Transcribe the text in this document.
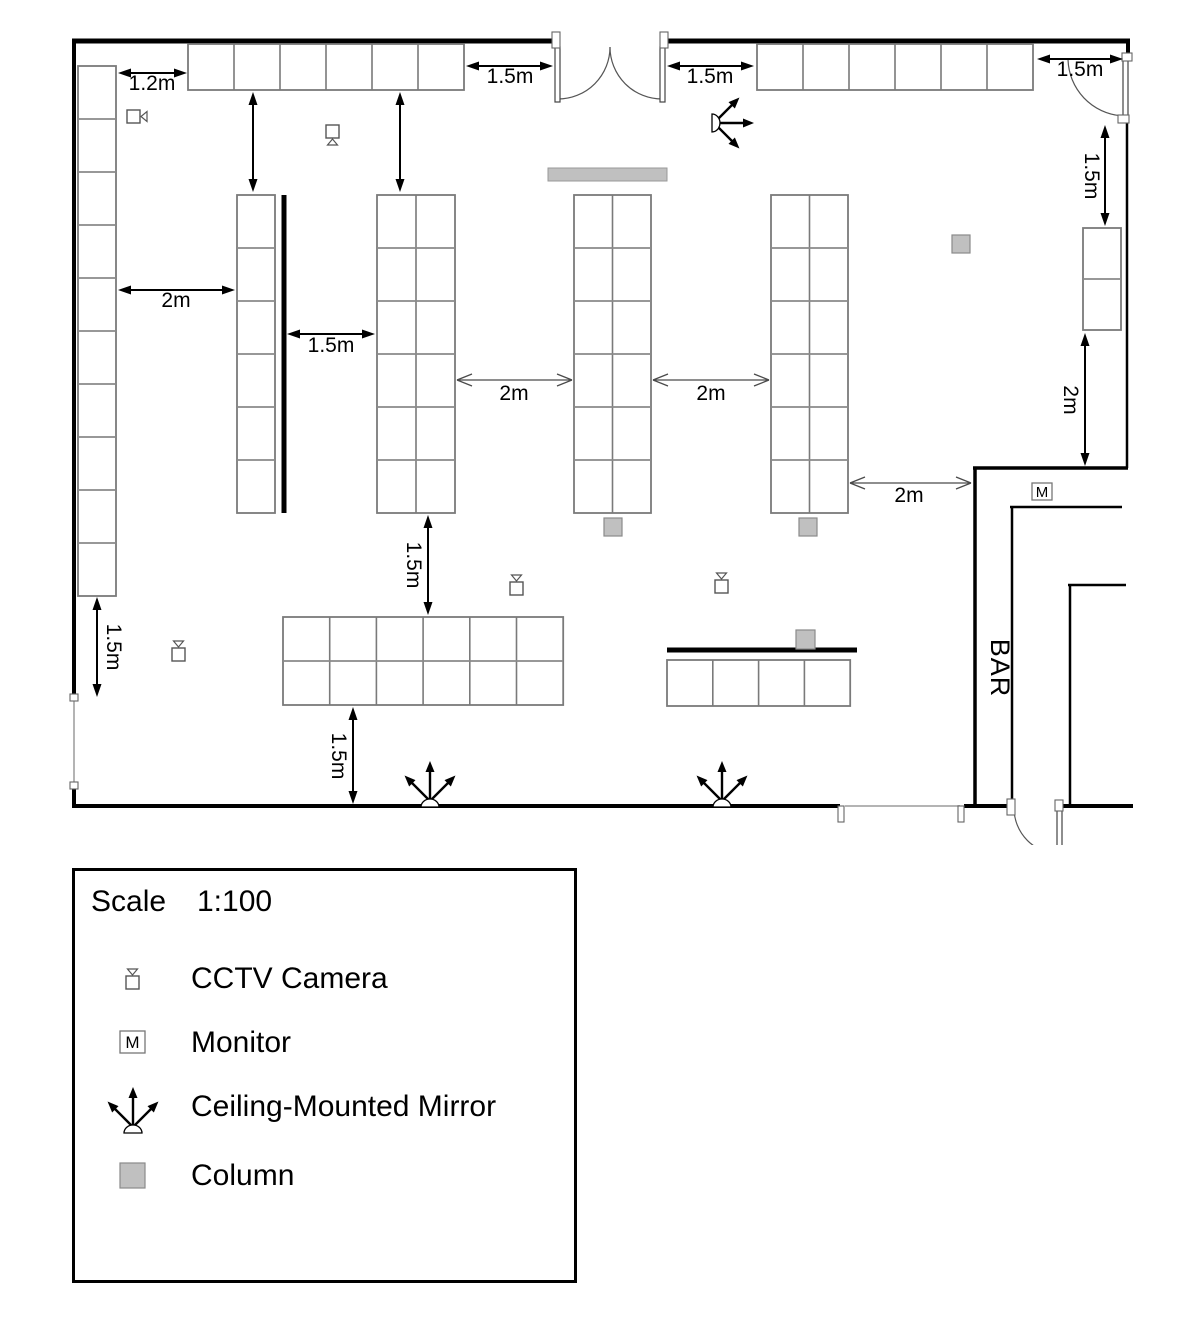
1.2m	1.5m	1.5m	1.5m
2m
1.5m
2m	2m
2m
1.5m
1.5m
1.5m
1.5m
2m
M
BAR
Scale 1:100
CCTV Camera
M Monitor
Ceiling-Mounted Mirror
Column
